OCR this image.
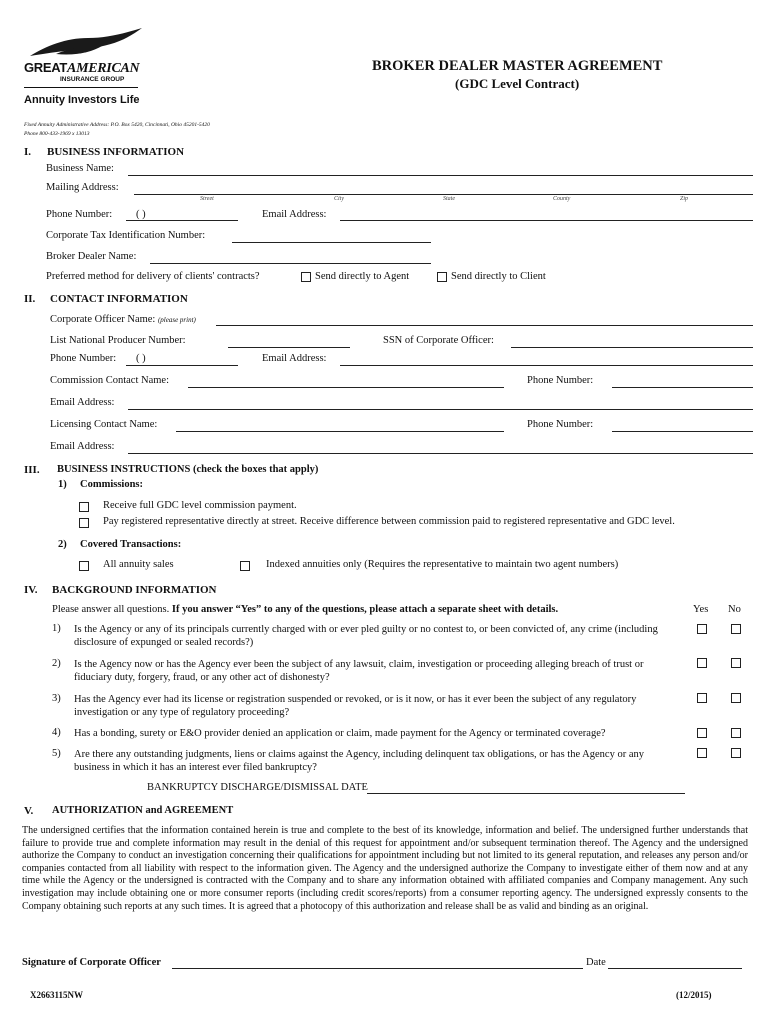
GREATAMERICAN
INSURANCE GROUP
Annuity Investors Life
Fixed Annuity Administrative Address: P.O. Box 5420, Cincinnati, Ohio 45201-5420
Phone 800-433-1969 x 13013
BROKER DEALER MASTER AGREEMENT
(GDC Level Contract)
I. BUSINESS INFORMATION
Business Name:
Mailing Address:
Street	City	State	County	Zip
Phone Number: ( )	Email Address:
Corporate Tax Identification Number:
Broker Dealer Name:
Preferred method for delivery of clients' contracts?	Send directly to Agent	Send directly to Client
II. CONTACT INFORMATION
Corporate Officer Name: (please print)
List National Producer Number:	SSN of Corporate Officer:
Phone Number: ( )	Email Address:
Commission Contact Name:	Phone Number:
Email Address:
Licensing Contact Name:	Phone Number:
Email Address:
III. BUSINESS INSTRUCTIONS (check the boxes that apply)
1) Commissions:
Receive full GDC level commission payment.
Pay registered representative directly at street. Receive difference between commission paid to registered representative and GDC level.
2) Covered Transactions:
All annuity sales	Indexed annuities only (Requires the representative to maintain two agent numbers)
IV. BACKGROUND INFORMATION
Please answer all questions. If you answer “Yes” to any of the questions, please attach a separate sheet with details.	Yes No
1) Is the Agency or any of its principals currently charged with or ever pled guilty or no contest to, or been convicted of, any crime (including disclosure of expunged or sealed records?)
2) Is the Agency now or has the Agency ever been the subject of any lawsuit, claim, investigation or proceeding alleging breach of trust or fiduciary duty, forgery, fraud, or any other act of dishonesty?
3) Has the Agency ever had its license or registration suspended or revoked, or is it now, or has it ever been the subject of any regulatory investigation or any type of regulatory proceeding?
4) Has a bonding, surety or E&O provider denied an application or claim, made payment for the Agency or terminated coverage?
5) Are there any outstanding judgments, liens or claims against the Agency, including delinquent tax obligations, or has the Agency or any business in which it has an interest ever filed bankruptcy?
BANKRUPTCY DISCHARGE/DISMISSAL DATE
V. AUTHORIZATION and AGREEMENT
The undersigned certifies that the information contained herein is true and complete to the best of its knowledge, information and belief. The undersigned further understands that failure to provide true and complete information may result in the denial of this request for appointment and/or subsequent termination thereof. The Agency and the undersigned authorize the Company to conduct an investigation concerning their qualifications for appointment including but not limited to its general reputation, and releases any person and/or companies contacted from all liability with respect to the information given. The Agency and the undersigned authorize the Company to investigate either of them now and at any time while the Agency or the undersigned is contracted with the Company and to share any information obtained with affiliated companies and Company management. Any such investigation may include obtaining one or more consumer reports (including credit scores/reports) from a consumer reporting agency. The undersigned expressly consents to the Company obtaining such reports at any such times. It is agreed that a photocopy of this authorization and release shall be as valid and binding as an original.
Signature of Corporate Officer	Date
X2663115NW	(12/2015)
